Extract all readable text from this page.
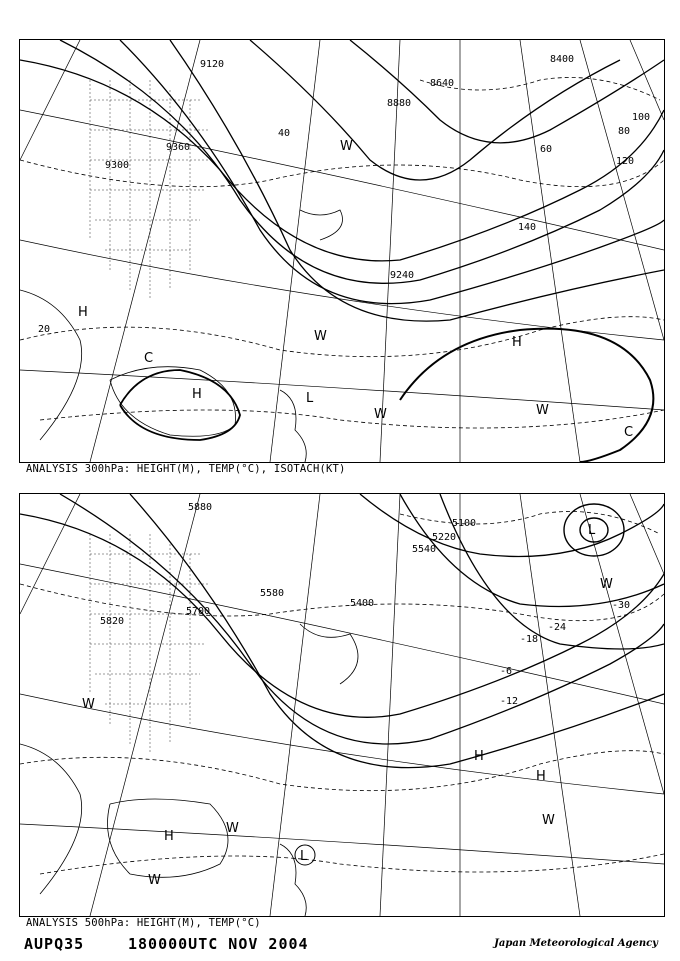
9120
9300
9360
8640
8400
8880
9240
20
40
60
80
100
120
140
H
H
H
C
C
W
W
W	W
L
ANALYSIS 300hPa: HEIGHT(M), TEMP(°C), ISOTACH(KT)
5880
5820
5700
5580
5540
5220
5100
5400
-6
-12
-18
-24
-30
H
H
H
W
W
W
W
W
L
L
ANALYSIS 500hPa: HEIGHT(M), TEMP(°C)
AUPQ35	180000UTC NOV 2004	Japan Meteorological Agency
